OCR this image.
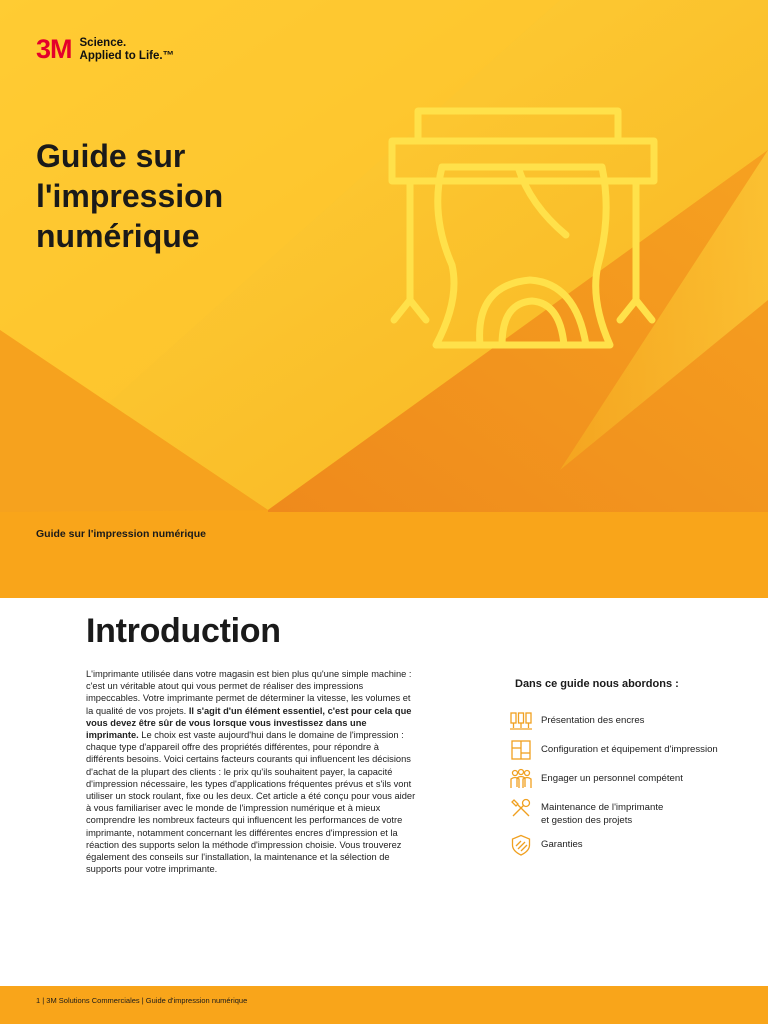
3M Science.
Applied to Life.™
Guide sur
l'impression
numérique
Guide sur l'impression numérique
Introduction
L'imprimante utilisée dans votre magasin est bien plus qu'une simple machine : c'est un véritable atout qui vous permet de réaliser des impressions impeccables. Votre imprimante permet de déterminer la vitesse, les volumes et la qualité de vos projets. Il s'agit d'un élément essentiel, c'est pour cela que vous devez être sûr de vous lorsque vous investissez dans une imprimante. Le choix est vaste aujourd'hui dans le domaine de l'impression : chaque type d'appareil offre des propriétés différentes, pour répondre à différents besoins. Voici certains facteurs courants qui influencent les décisions d'achat de la plupart des clients : le prix qu'ils souhaitent payer, la capacité d'impression nécessaire, les types d'applications fréquentes prévus et s'ils vont utiliser un stock roulant, fixe ou les deux. Cet article a été conçu pour vous aider à vous familiariser avec le monde de l'impression numérique et à mieux comprendre les nombreux facteurs qui influencent les performances de votre imprimante, notamment concernant les différentes encres d'impression et la réaction des supports selon la méthode d'impression choisie. Vous trouverez également des conseils sur l'installation, la maintenance et la sélection de supports pour votre imprimante.
Dans ce guide nous abordons :
Présentation des encres
Configuration et équipement d'impression
Engager un personnel compétent
Maintenance de l'imprimante
et gestion des projets
Garanties
1 | 3M Solutions Commerciales | Guide d'impression numérique
